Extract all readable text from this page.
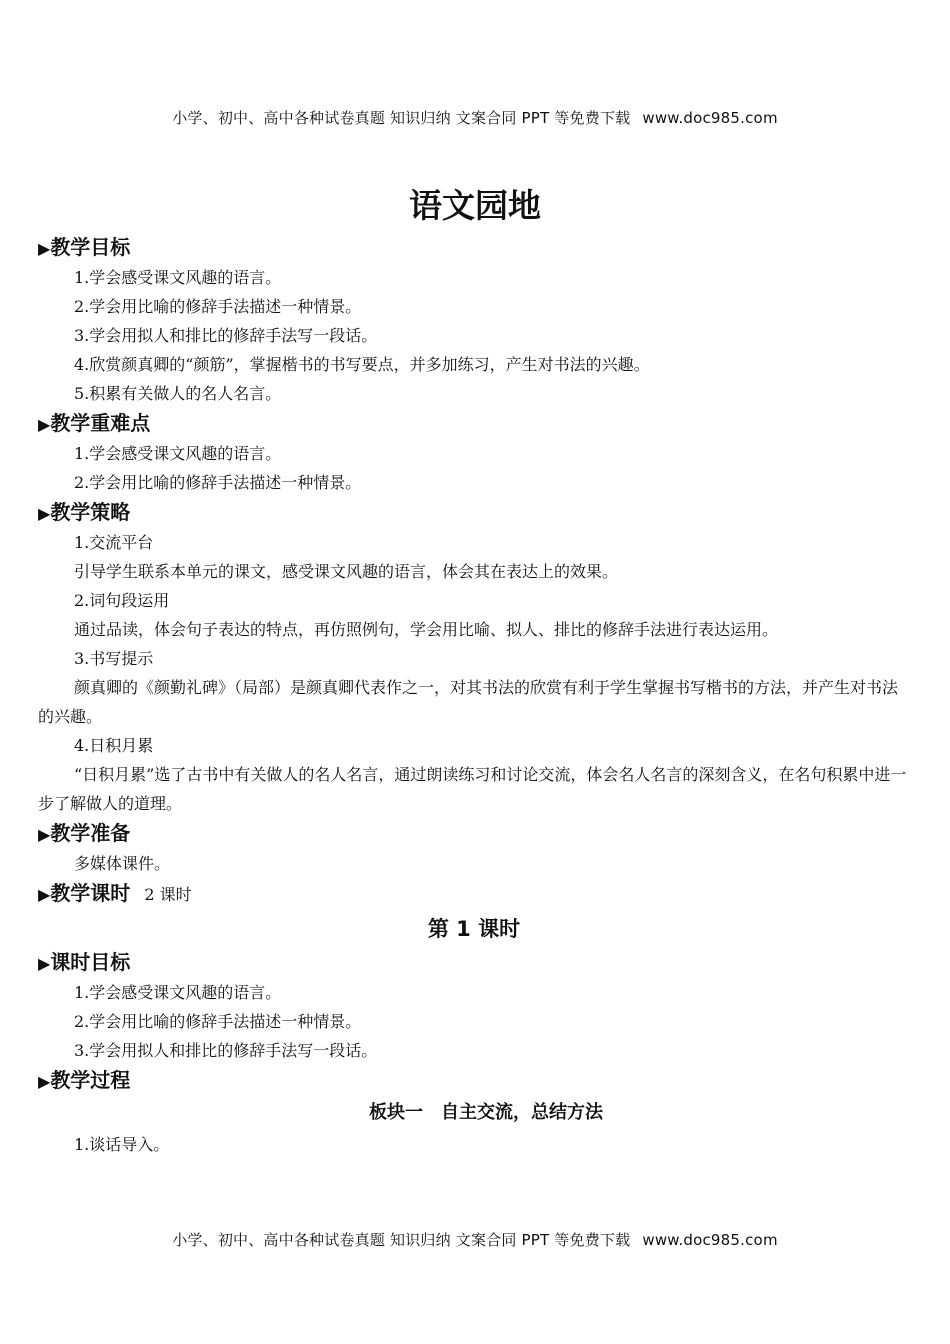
小学、初中、高中各种试卷真题 知识归纳 文案合同 PPT 等免费下载 www.doc985.com
语文园地
▶教学目标
1.学会感受课文风趣的语言。
2.学会用比喻的修辞手法描述一种情景。
3.学会用拟人和排比的修辞手法写一段话。
4.欣赏颜真卿的“颜筋”，掌握楷书的书写要点，并多加练习，产生对书法的兴趣。
5.积累有关做人的名人名言。
▶教学重难点
1.学会感受课文风趣的语言。
2.学会用比喻的修辞手法描述一种情景。
▶教学策略
1.交流平台
引导学生联系本单元的课文，感受课文风趣的语言，体会其在表达上的效果。
2.词句段运用
通过品读，体会句子表达的特点，再仿照例句，学会用比喻、拟人、排比的修辞手法进行表达运用。
3.书写提示
颜真卿的《颜勤礼碑》（局部）是颜真卿代表作之一，对其书法的欣赏有利于学生掌握书写楷书的方法，并产生对书法的兴趣。
4.日积月累
“日积月累”选了古书中有关做人的名人名言，通过朗读练习和讨论交流，体会名人名言的深刻含义，在名句积累中进一步了解做人的道理。
▶教学准备
多媒体课件。
▶教学课时 2 课时
第 1 课时
▶课时目标
1.学会感受课文风趣的语言。
2.学会用比喻的修辞手法描述一种情景。
3.学会用拟人和排比的修辞手法写一段话。
▶教学过程
板块一　自主交流，总结方法
1.谈话导入。
小学、初中、高中各种试卷真题 知识归纳 文案合同 PPT 等免费下载 www.doc985.com
